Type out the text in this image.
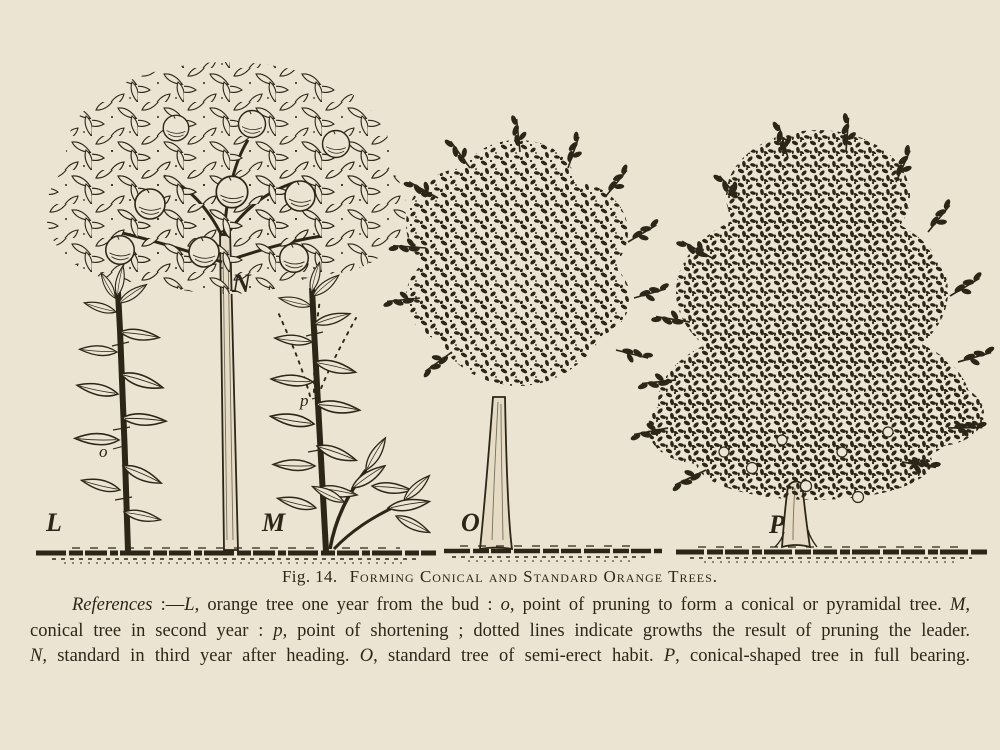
N
o
L
p
M	O	P
Fig. 14. Forming Conical and Standard Orange Trees.
References :—L, orange tree one year from the bud : o, point of pruning to form a conical or pyramidal tree. M,
conical tree in second year : p, point of shortening ; dotted lines indicate growths the result of pruning the leader.
N, standard in third year after heading. O, standard tree of semi-erect habit. P, conical-shaped tree in full bearing.
